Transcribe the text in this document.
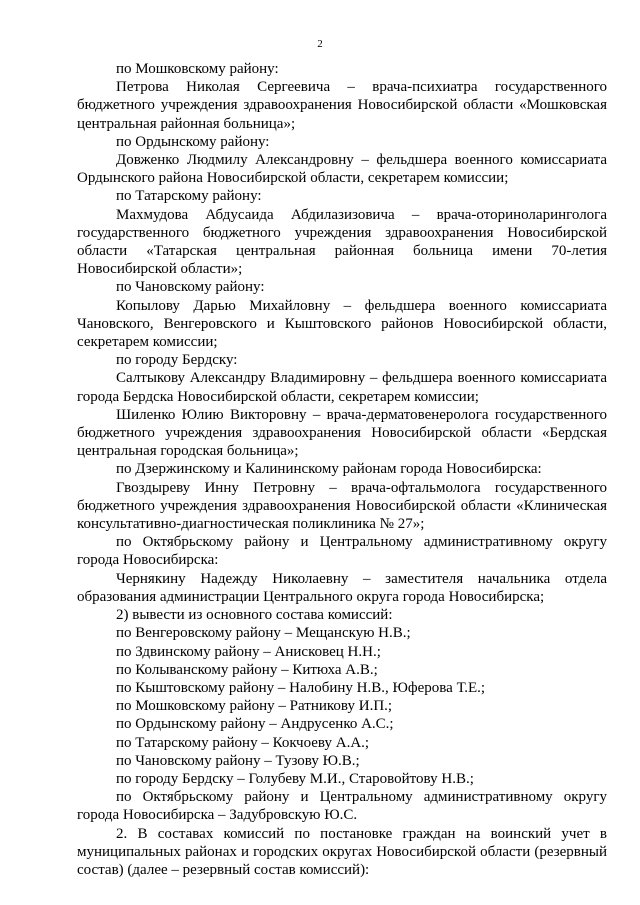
2

по Мошковскому району:

Петрова Николая Сергеевича – врача-психиатра государственного бюджетного учреждения здравоохранения Новосибирской области «Мошковская центральная районная больница»;

по Ордынскому району:

Довженко Людмилу Александровну – фельдшера военного комиссариата Ордынского района Новосибирской области, секретарем комиссии;

по Татарскому району:

Махмудова Абдусаида Абдилазизовича – врача-оториноларинголога государственного бюджетного учреждения здравоохранения Новосибирской области «Татарская центральная районная больница имени 70-летия Новосибирской области»;

по Чановскому району:

Копылову Дарью Михайловну – фельдшера военного комиссариата Чановского, Венгеровского и Кыштовского районов Новосибирской области, секретарем комиссии;

по городу Бердску:

Салтыкову Александру Владимировну – фельдшера военного комиссариата города Бердска Новосибирской области, секретарем комиссии;

Шиленко Юлию Викторовну – врача-дерматовенеролога государственного бюджетного учреждения здравоохранения Новосибирской области «Бердская центральная городская больница»;

по Дзержинскому и Калининскому районам города Новосибирска:

Гвоздыреву Инну Петровну – врача-офтальмолога государственного бюджетного учреждения здравоохранения Новосибирской области «Клиническая консультативно-диагностическая поликлиника № 27»;

по Октябрьскому району и Центральному административному округу города Новосибирска:

Чернякину Надежду Николаевну – заместителя начальника отдела образования администрации Центрального округа города Новосибирска;

2) вывести из основного состава комиссий:

по Венгеровскому району – Мещанскую Н.В.;

по Здвинскому району – Анисковец Н.Н.;

по Колыванскому району – Китюха А.В.;

по Кыштовскому району – Налобину Н.В., Юферова Т.Е.;

по Мошковскому району – Ратникову И.П.;

по Ордынскому району – Андрусенко А.С.;

по Татарскому району – Кокчоеву А.А.;

по Чановскому району – Тузову Ю.В.;

по городу Бердску – Голубеву М.И., Старовойтову Н.В.;

по Октябрьскому району и Центральному административному округу города Новосибирска – Задубровскую Ю.С.

2. В составах комиссий по постановке граждан на воинский учет в муниципальных районах и городских округах Новосибирской области (резервный состав) (далее – резервный состав комиссий):
